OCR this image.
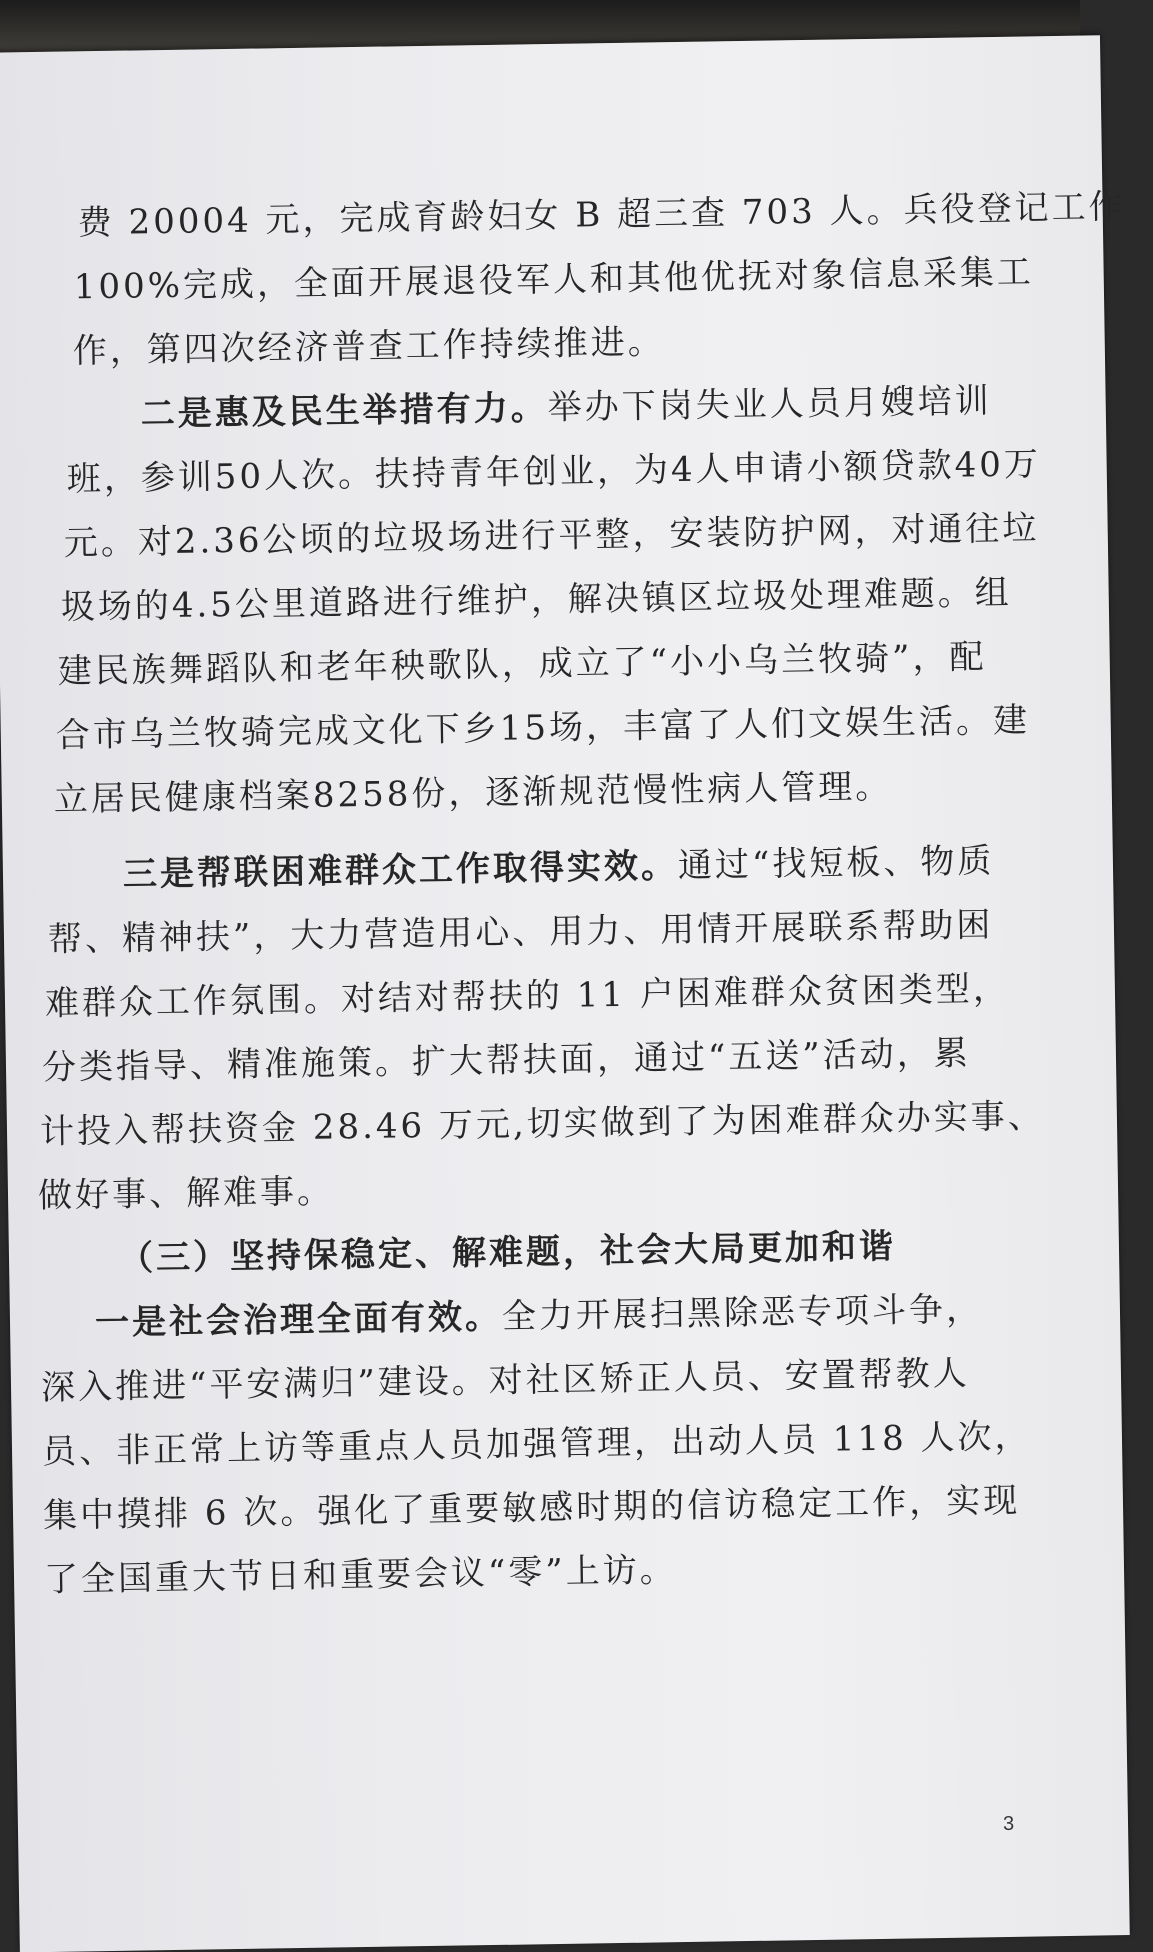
费 20004 元，完成育龄妇女 B 超三查 703 人。兵役登记工作
100%完成，全面开展退役军人和其他优抚对象信息采集工
作，第四次经济普查工作持续推进。
二是惠及民生举措有力。举办下岗失业人员月嫂培训
班，参训50人次。扶持青年创业，为4人申请小额贷款40万
元。对2.36公顷的垃圾场进行平整，安装防护网，对通往垃
圾场的4.5公里道路进行维护，解决镇区垃圾处理难题。组
建民族舞蹈队和老年秧歌队，成立了“小小乌兰牧骑”，配
合市乌兰牧骑完成文化下乡15场，丰富了人们文娱生活。建
立居民健康档案8258份，逐渐规范慢性病人管理。
三是帮联困难群众工作取得实效。通过“找短板、物质
帮、精神扶”，大力营造用心、用力、用情开展联系帮助困
难群众工作氛围。对结对帮扶的 11 户困难群众贫困类型，
分类指导、精准施策。扩大帮扶面，通过“五送”活动，累
计投入帮扶资金 28.46 万元,切实做到了为困难群众办实事、
做好事、解难事。
（三）坚持保稳定、解难题，社会大局更加和谐
一是社会治理全面有效。全力开展扫黑除恶专项斗争，
深入推进“平安满归”建设。对社区矫正人员、安置帮教人
员、非正常上访等重点人员加强管理，出动人员 118 人次，
集中摸排 6 次。强化了重要敏感时期的信访稳定工作，实现
了全国重大节日和重要会议“零”上访。
3
